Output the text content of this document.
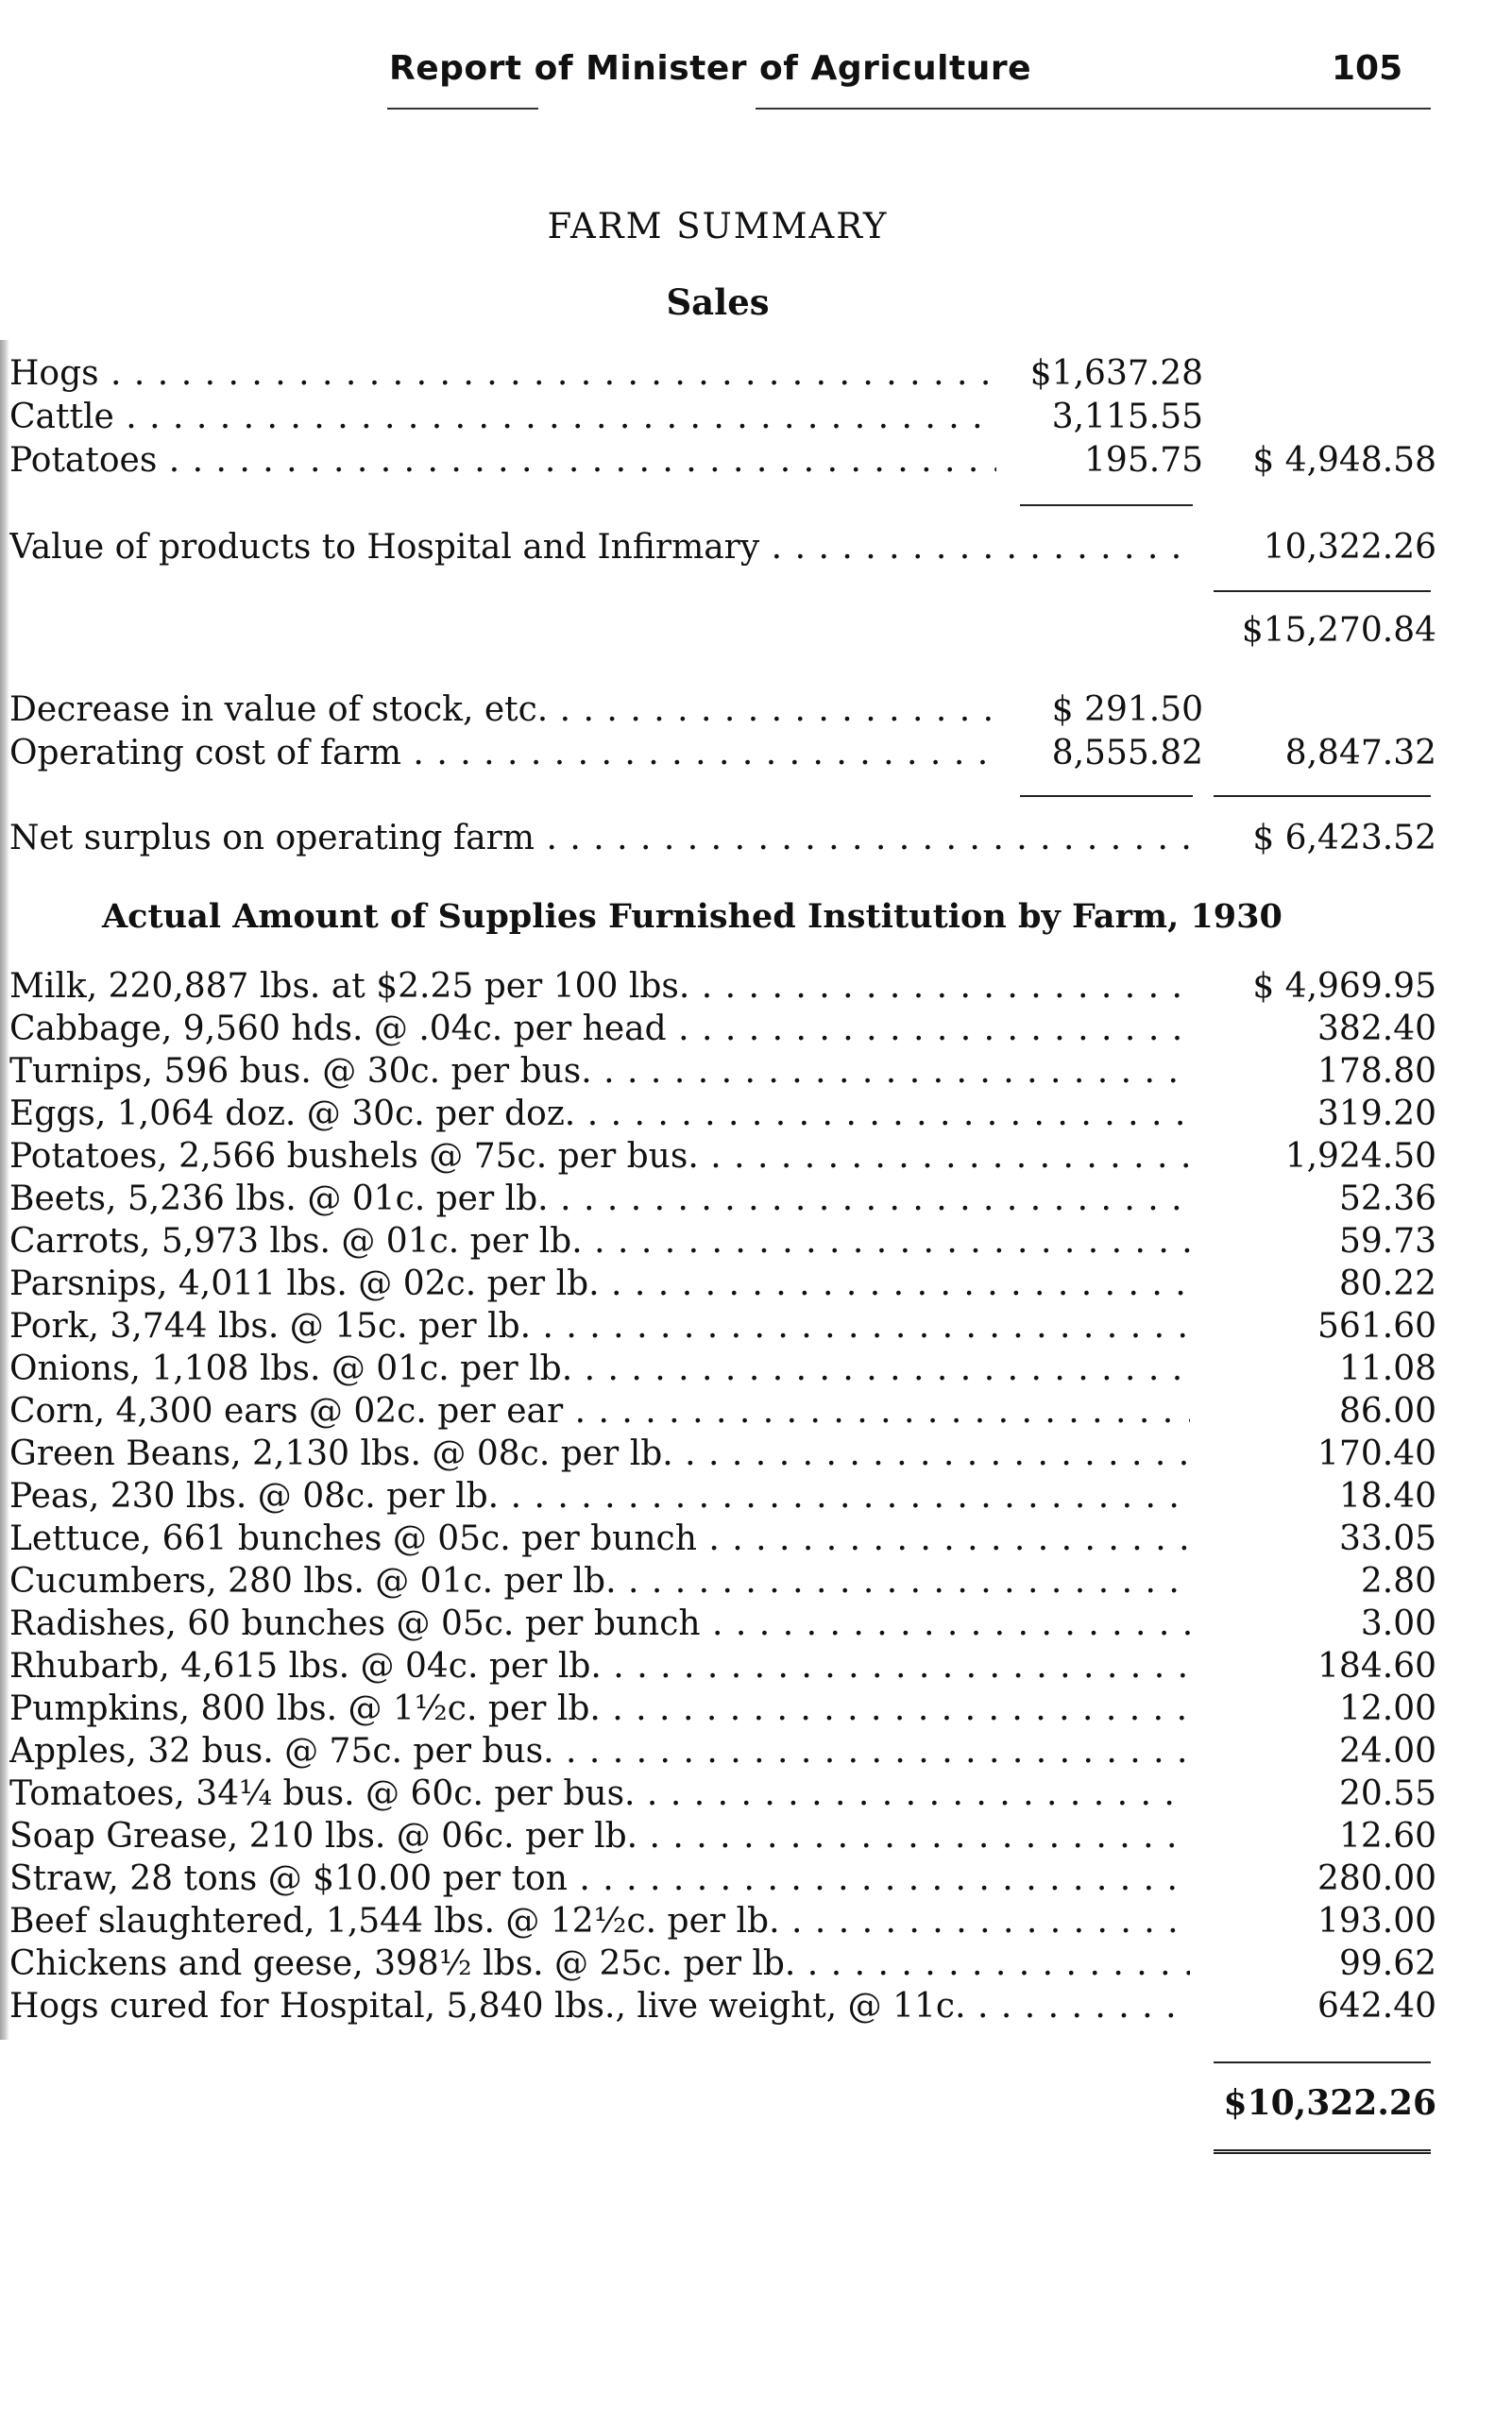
Report of Minister of Agriculture	105
FARM SUMMARY
Sales
Hogs . . .	$1,637.28
Cattle . . .	3,115.55
Potatoes . . .	195.75	$ 4,948.58
Value of products to Hospital and Infirmary . . .	10,322.26
$15,270.84
Decrease in value of stock, etc. . . .	$ 291.50
Operating cost of farm . . .	8,555.82	8,847.32
Net surplus on operating farm . . .	$ 6,423.52
Actual Amount of Supplies Furnished Institution by Farm, 1930
Milk, 220,887 lbs. at $2.25 per 100 lbs. . . .	$ 4,969.95
Cabbage, 9,560 hds. @ .04c. per head . . .	382.40
Turnips, 596 bus. @ 30c. per bus. . . .	178.80
Eggs, 1,064 doz. @ 30c. per doz. . . .	319.20
Potatoes, 2,566 bushels @ 75c. per bus. . . .	1,924.50
Beets, 5,236 lbs. @ 01c. per lb. . . .	52.36
Carrots, 5,973 lbs. @ 01c. per lb. . . .	59.73
Parsnips, 4,011 lbs. @ 02c. per lb. . . .	80.22
Pork, 3,744 lbs. @ 15c. per lb. . . .	561.60
Onions, 1,108 lbs. @ 01c. per lb. . . .	11.08
Corn, 4,300 ears @ 02c. per ear . . .	86.00
Green Beans, 2,130 lbs. @ 08c. per lb. . . .	170.40
Peas, 230 lbs. @ 08c. per lb. . . .	18.40
Lettuce, 661 bunches @ 05c. per bunch . . .	33.05
Cucumbers, 280 lbs. @ 01c. per lb. . . .	2.80
Radishes, 60 bunches @ 05c. per bunch . . .	3.00
Rhubarb, 4,615 lbs. @ 04c. per lb. . . .	184.60
Pumpkins, 800 lbs. @ 1½c. per lb. . . .	12.00
Apples, 32 bus. @ 75c. per bus. . . .	24.00
Tomatoes, 34¼ bus. @ 60c. per bus. . . .	20.55
Soap Grease, 210 lbs. @ 06c. per lb. . . .	12.60
Straw, 28 tons @ $10.00 per ton . . .	280.00
Beef slaughtered, 1,544 lbs. @ 12½c. per lb. . . .	193.00
Chickens and geese, 398½ lbs. @ 25c. per lb. . . .	99.62
Hogs cured for Hospital, 5,840 lbs., live weight, @ 11c. . . .	642.40
$10,322.26
